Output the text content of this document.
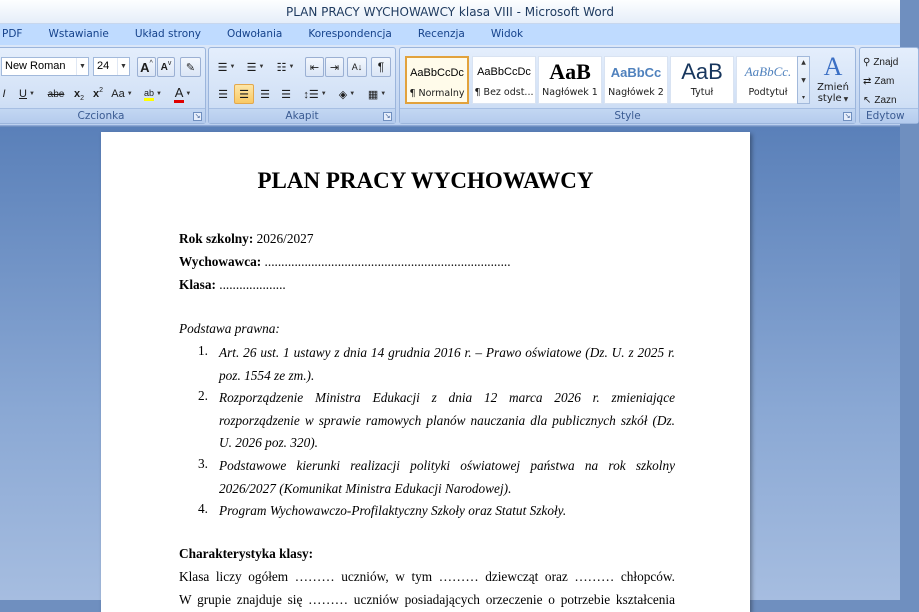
PLAN PRACY WYCHOWAWCY klasa VIII - Microsoft Word
PDF	Wstawianie	Układ strony	Odwołania	Korespondencja	Recenzja	Widok
New Roman	▼	24	▼ A ^ A v ✎
I U ▼ abe x 2 x 2 Aa ▼ ab ▼ A ▼
Czcionka	↘
☰ ▼ ☰ ▼ ☷ ▼ ⇤ ⇥ A↓ ¶
☰ ☰ ☰ ☰ ↕☰ ▼ ◈ ▼ ▦ ▼
Akapit	↘
AaBbCcDc
¶ Normalny
AaBbCcDc
¶ Bez odst...
AaB
Nagłówek 1
AaBbCc
Nagłówek 2
AaB
Tytuł
AaBbCc.
Podtytuł
▲
▼
▾
A
Zmień
style ▼
Style	↘
⚲ Znajd
⇄ Zam
↖ Zazn
Edytow
PLAN PRACY WYCHOWAWCY
Rok szkolny: 2026/2027
Wychowawca: ..........................................................................
Klasa: ....................
Podstawa prawna:
1. Art. 26 ust. 1 ustawy z dnia 14 grudnia 2016 r. – Prawo oświatowe (Dz. U. z 2025 r. poz. 1554 ze zm.).
2. Rozporządzenie Ministra Edukacji z dnia 12 marca 2026 r. zmieniające rozporządzenie w sprawie ramowych planów nauczania dla publicznych szkół (Dz. U. 2026 poz. 320).
3. Podstawowe kierunki realizacji polityki oświatowej państwa na rok szkolny 2026/2027 (Komunikat Ministra Edukacji Narodowej).
4. Program Wychowawczo-Profilaktyczny Szkoły oraz Statut Szkoły.
Charakterystyka klasy:
Klasa liczy ogółem ……… uczniów, w tym ……… dziewcząt oraz ……… chłopców.
W grupie znajduje się ……… uczniów posiadających orzeczenie o potrzebie kształcenia
